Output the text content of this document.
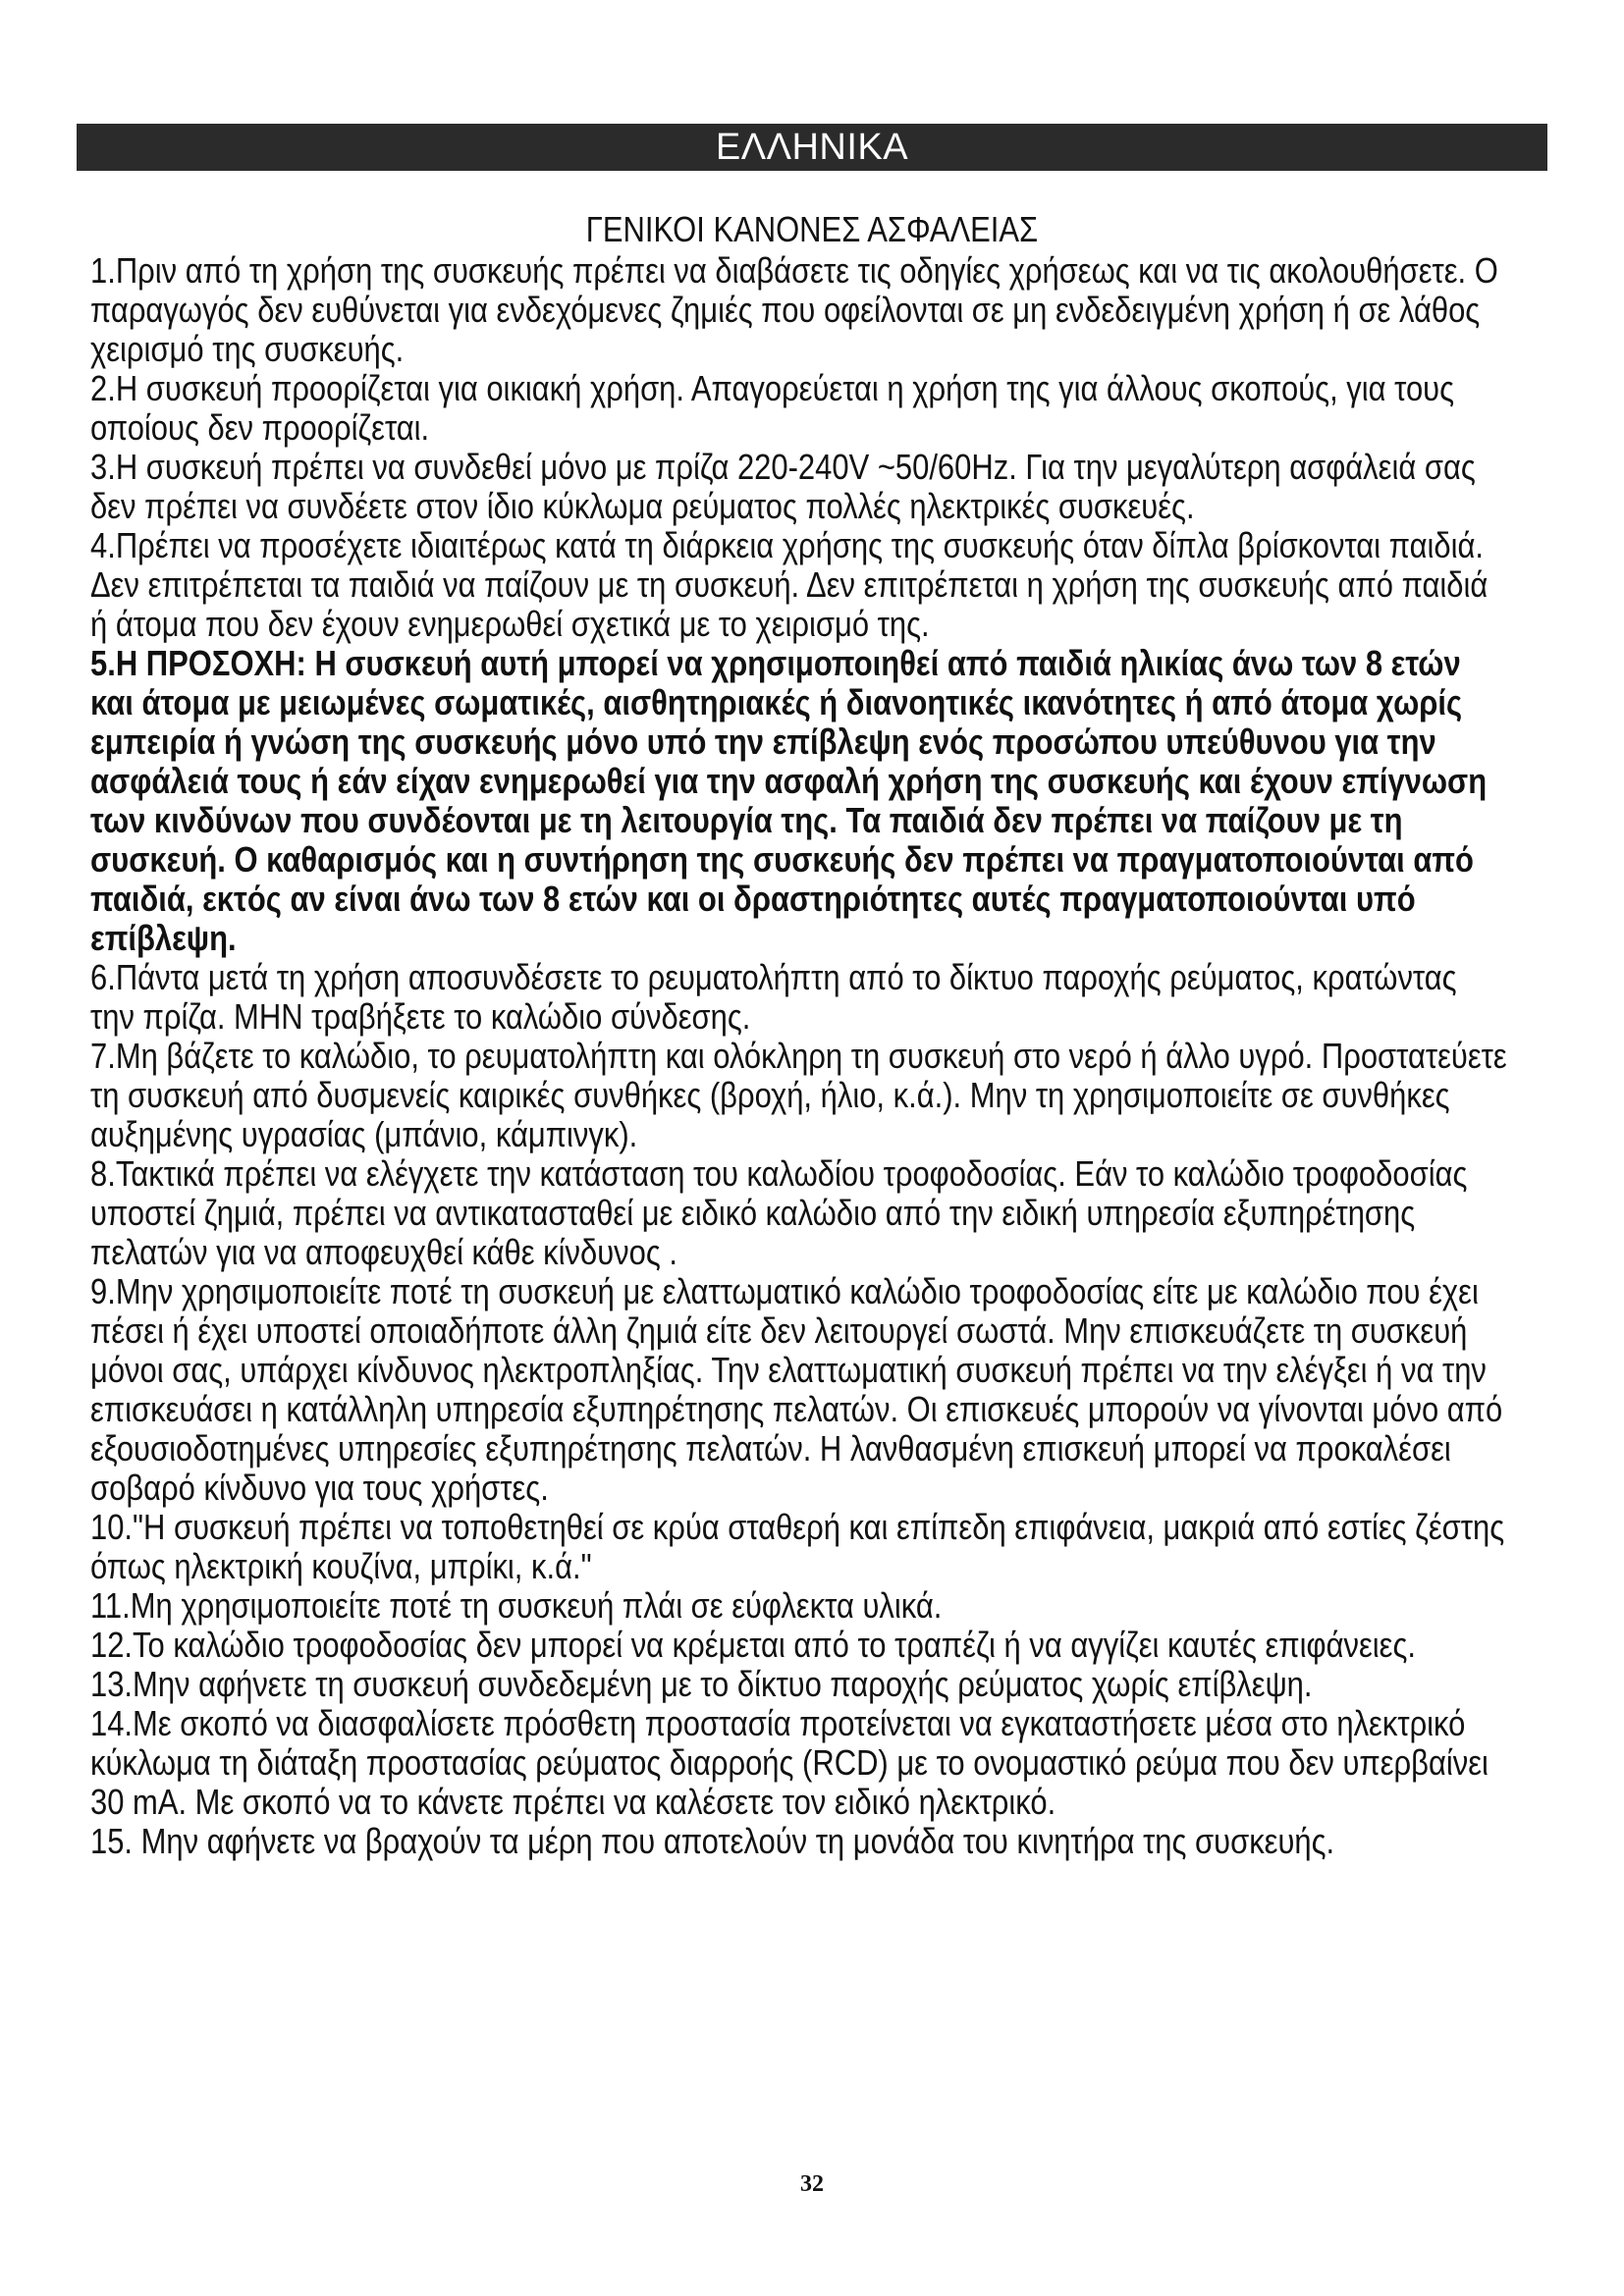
ΕΛΛΗΝΙΚΑ
ΓΕΝΙΚΟΙ ΚΑΝΟΝΕΣ ΑΣΦΑΛΕΙΑΣ

1.Πριν από τη χρήση της συσκευής πρέπει να διαβάσετε τις οδηγίες χρήσεως και να τις ακολουθήσετε. Ο παραγωγός δεν ευθύνεται για ενδεχόμενες ζημιές που οφείλονται σε μη ενδεδειγμένη χρήση ή σε λάθος χειρισμό της συσκευής.

2.Η συσκευή προορίζεται για οικιακή χρήση. Απαγορεύεται η χρήση της για άλλους σκοπούς, για τους οποίους δεν προορίζεται.

3.Η συσκευή πρέπει να συνδεθεί μόνο με πρίζα 220-240V ~50/60Hz. Για την μεγαλύτερη ασφάλειά σας δεν πρέπει να συνδέετε στον ίδιο κύκλωμα ρεύματος πολλές ηλεκτρικές συσκευές.

4.Πρέπει να προσέχετε ιδιαιτέρως κατά τη διάρκεια χρήσης της συσκευής όταν δίπλα βρίσκονται παιδιά. Δεν επιτρέπεται τα παιδιά να παίζουν με τη συσκευή. Δεν επιτρέπεται η χρήση της συσκευής από παιδιά ή άτομα που δεν έχουν ενημερωθεί σχετικά με το χειρισμό της.

5.Η ΠΡΟΣΟΧΗ: Η συσκευή αυτή μπορεί να χρησιμοποιηθεί από παιδιά ηλικίας άνω των 8 ετών και άτομα με μειωμένες σωματικές, αισθητηριακές ή διανοητικές ικανότητες ή από άτομα χωρίς εμπειρία ή γνώση της συσκευής μόνο υπό την επίβλεψη ενός προσώπου υπεύθυνου για την ασφάλειά τους ή εάν είχαν ενημερωθεί για την ασφαλή χρήση της συσκευής και έχουν επίγνωση των κινδύνων που συνδέονται με τη λειτουργία της. Τα παιδιά δεν πρέπει να παίζουν με τη συσκευή. Ο καθαρισμός και η συντήρηση της συσκευής δεν πρέπει να πραγματοποιούνται από παιδιά, εκτός αν είναι άνω των 8 ετών και οι δραστηριότητες αυτές πραγματοποιούνται υπό επίβλεψη.

6.Πάντα μετά τη χρήση αποσυνδέσετε το ρευματολήπτη από το δίκτυο παροχής ρεύματος, κρατώντας την πρίζα. ΜΗΝ τραβήξετε το καλώδιο σύνδεσης.

7.Μη βάζετε το καλώδιο, το ρευματολήπτη και ολόκληρη τη συσκευή στο νερό ή άλλο υγρό. Προστατεύετε τη συσκευή από δυσμενείς καιρικές συνθήκες (βροχή, ήλιο, κ.ά.). Μην τη χρησιμοποιείτε σε συνθήκες αυξημένης υγρασίας (μπάνιο, κάμπινγκ).

8.Τακτικά πρέπει να ελέγχετε την κατάσταση του καλωδίου τροφοδοσίας. Εάν το καλώδιο τροφοδοσίας υποστεί ζημιά, πρέπει να αντικατασταθεί με ειδικό καλώδιο από την ειδική υπηρεσία εξυπηρέτησης πελατών για να αποφευχθεί κάθε κίνδυνος .

9.Μην χρησιμοποιείτε ποτέ τη συσκευή με ελαττωματικό καλώδιο τροφοδοσίας είτε με καλώδιο που έχει πέσει ή έχει υποστεί οποιαδήποτε άλλη ζημιά είτε δεν λειτουργεί σωστά. Μην επισκευάζετε τη συσκευή μόνοι σας, υπάρχει κίνδυνος ηλεκτροπληξίας. Την ελαττωματική συσκευή πρέπει να την ελέγξει ή να την επισκευάσει η κατάλληλη υπηρεσία εξυπηρέτησης πελατών. Οι επισκευές μπορούν να γίνονται μόνο από εξουσιοδοτημένες υπηρεσίες εξυπηρέτησης πελατών. Η λανθασμένη επισκευή μπορεί να προκαλέσει σοβαρό κίνδυνο για τους χρήστες.

10."Η συσκευή πρέπει να τοποθετηθεί σε κρύα σταθερή και επίπεδη επιφάνεια, μακριά από εστίες ζέστης όπως ηλεκτρική κουζίνα, μπρίκι, κ.ά."

11.Μη χρησιμοποιείτε ποτέ τη συσκευή πλάι σε εύφλεκτα υλικά.

12.Το καλώδιο τροφοδοσίας δεν μπορεί να κρέμεται από το τραπέζι ή να αγγίζει καυτές επιφάνειες.

13.Μην αφήνετε τη συσκευή συνδεδεμένη με το δίκτυο παροχής ρεύματος χωρίς επίβλεψη.

14.Με σκοπό να διασφαλίσετε πρόσθετη προστασία προτείνεται να εγκαταστήσετε μέσα στο ηλεκτρικό κύκλωμα τη διάταξη προστασίας ρεύματος διαρροής (RCD) με το ονομαστικό ρεύμα που δεν υπερβαίνει 30 mA. Με σκοπό να το κάνετε πρέπει να καλέσετε τον ειδικό ηλεκτρικό.

15. Μην αφήνετε να βραχούν τα μέρη που αποτελούν τη μονάδα του κινητήρα της συσκευής.

32
